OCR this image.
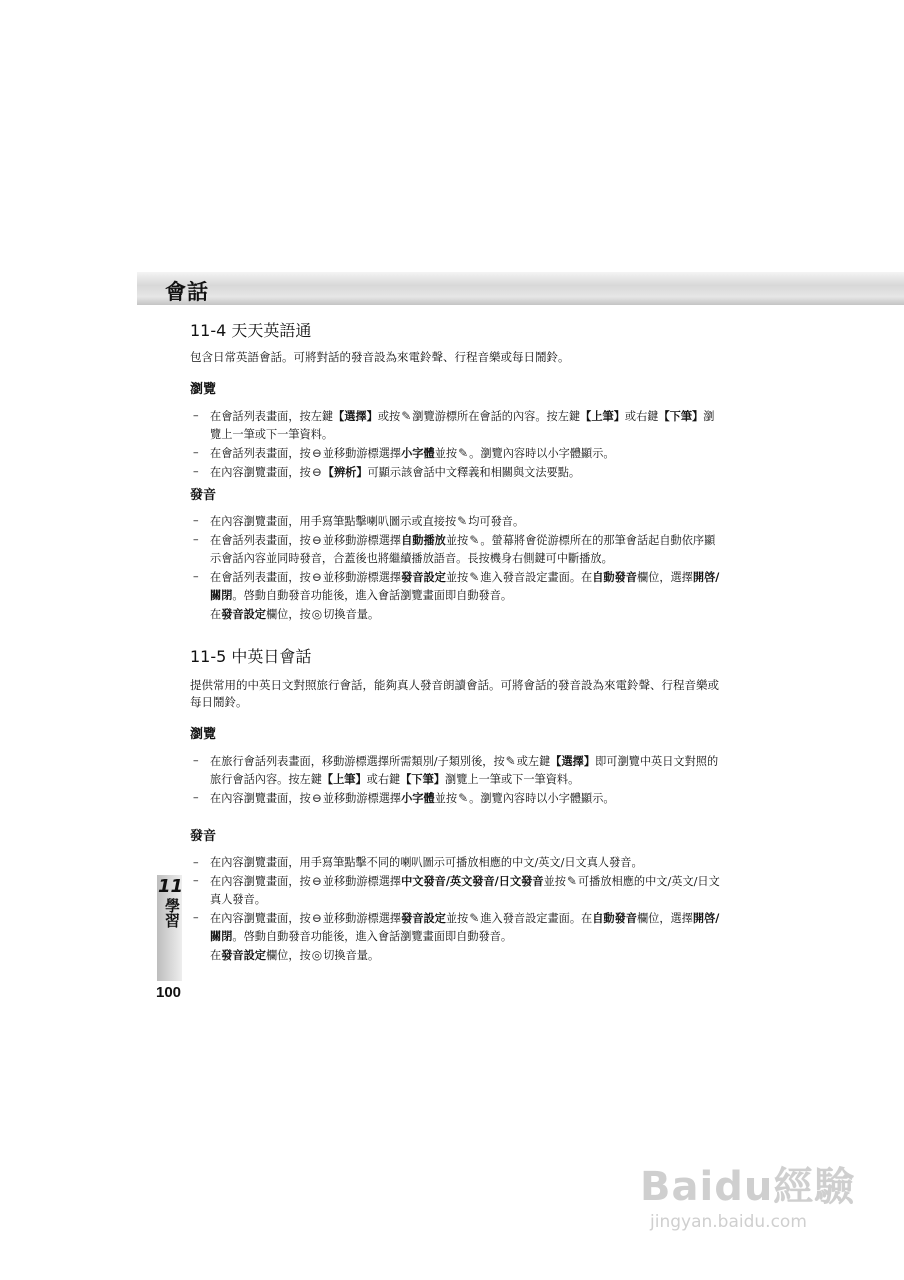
會話
11-4 天天英語通
包含日常英語會話。可將對話的發音設為來電鈴聲、行程音樂或每日鬧鈴。
瀏覽
– 在會話列表畫面，按左鍵【選擇】或按✎瀏覽游標所在會話的內容。按左鍵【上筆】或右鍵【下筆】瀏覽上一筆或下一筆資料。
– 在會話列表畫面，按⊖並移動游標選擇小字體並按✎。瀏覽內容時以小字體顯示。
– 在內容瀏覽畫面，按⊖【辨析】可顯示該會話中文釋義和相關與文法要點。
發音
– 在內容瀏覽畫面，用手寫筆點擊喇叭圖示或直接按✎均可發音。
– 在會話列表畫面，按⊖並移動游標選擇自動播放並按✎。螢幕將會從游標所在的那筆會話起自動依序顯示會話內容並同時發音，合蓋後也將繼續播放語音。長按機身右側鍵可中斷播放。
– 在會話列表畫面，按⊖並移動游標選擇發音設定並按✎進入發音設定畫面。在自動發音欄位，選擇開啓/ 關閉。啓動自動發音功能後，進入會話瀏覽畫面即自動發音。
在發音設定欄位，按◎切換音量。
11-5 中英日會話
提供常用的中英日文對照旅行會話，能夠真人發音朗讀會話。可將會話的發音設為來電鈴聲、行程音樂或每日鬧鈴。
瀏覽
– 在旅行會話列表畫面，移動游標選擇所需類別/子類別後，按✎或左鍵【選擇】即可瀏覽中英日文對照的旅行會話內容。按左鍵【上筆】或右鍵【下筆】瀏覽上一筆或下一筆資料。
– 在內容瀏覽畫面，按⊖並移動游標選擇小字體並按✎。瀏覽內容時以小字體顯示。
發音
– 在內容瀏覽畫面，用手寫筆點擊不同的喇叭圖示可播放相應的中文/英文/日文真人發音。
– 在內容瀏覽畫面，按⊖並移動游標選擇中文發音/英文發音/日文發音並按✎可播放相應的中文/英文/日文真人發音。
– 在內容瀏覽畫面，按⊖並移動游標選擇發音設定並按✎進入發音設定畫面。在自動發音欄位，選擇開啓/ 關閉。啓動自動發音功能後，進入會話瀏覽畫面即自動發音。
在發音設定欄位，按◎切換音量。
11
學習
100
Baidu經驗
jingyan.baidu.com
